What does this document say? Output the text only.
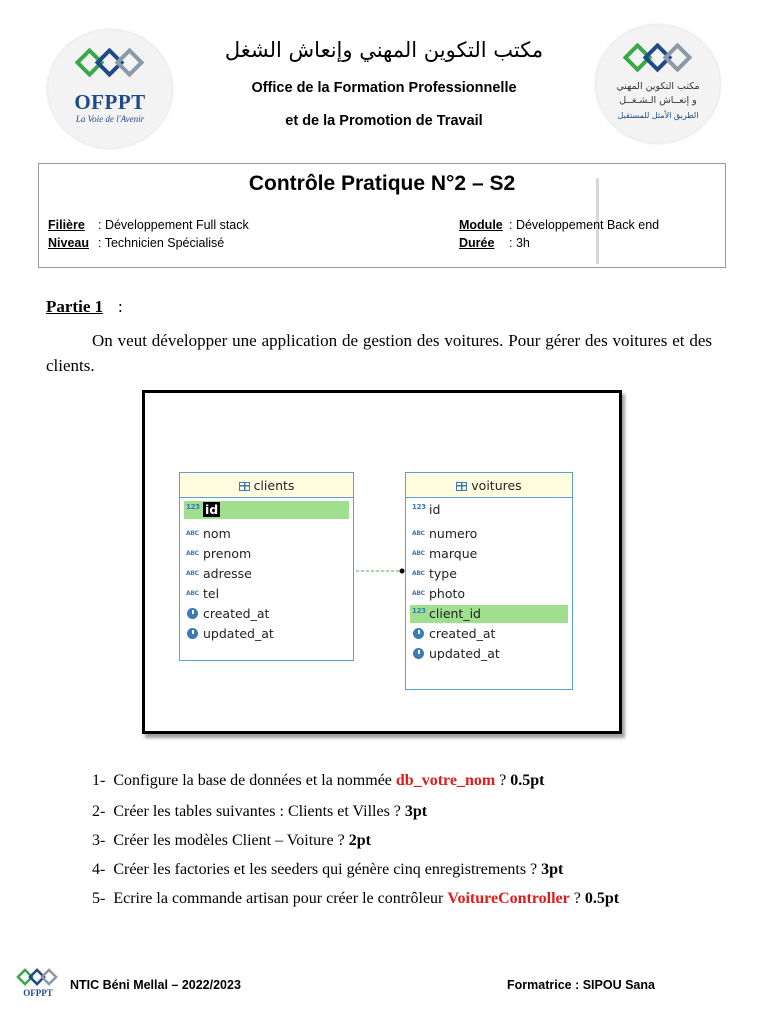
OFPPT
La Voie de l'Avenir
مكتب التكوين المهني
و إنعــاش الـشـغــل
الطريق الأمثل للمستقبل
مكتب التكوين المهني وإنعاش الشغل
Office de la Formation Professionnelle
et de la Promotion de Travail
Contrôle Pratique N°2 – S2
Filière : Développement Full stack
Niveau : Technicien Spécialisé
Module : Développement Back end
Durée : 3h
Partie 1 :
On veut développer une application de gestion des voitures. Pour gérer des voitures et des clients.
clients
123 id
ABC nom
ABC prenom
ABC adresse
ABC tel
created_at
updated_at
voitures
123 id
ABC numero
ABC marque
ABC type
ABC photo
123 client_id
created_at
updated_at
1- Configure la base de données et la nommée db_votre_nom ? 0.5pt
2- Créer les tables suivantes : Clients et Villes ? 3pt
3- Créer les modèles Client – Voiture ? 2pt
4- Créer les factories et les seeders qui génère cinq enregistrements ? 3pt
5- Ecrire la commande artisan pour créer le contrôleur VoitureController ? 0.5pt
OFPPT
NTIC Béni Mellal – 2022/2023	Formatrice : SIPOU Sana
